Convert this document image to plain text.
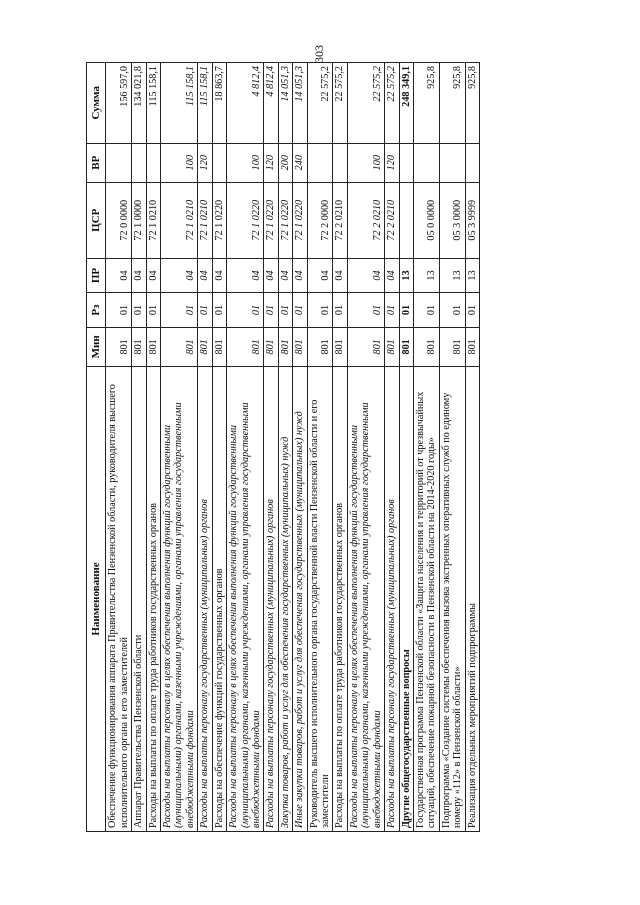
303
Наименование	Мин	Рз	ПР	ЦСР	ВР	Сумма
Обеспечение функционирования аппарата Правительства Пензенской области, руководителя высшего исполнительного органа и его заместителей	801	01	04	72 0 0000		156 597,0
Аппарат Правительства Пензенской области	801	01	04	72 1 0000		134 021,8
Расходы на выплаты по оплате труда работников государственных органов	801	01	04	72 1 0210		115 158,1
Расходы на выплаты персоналу в целях обеспечения выполнения функций государственными (муниципальными) органами, казенными учреждениями, органами управления государственными внебюджетными фондами	801	01	04	72 1 0210	100	115 158,1
Расходы на выплаты персоналу государственных (муниципальных) органов	801	01	04	72 1 0210	120	115 158,1
Расходы на обеспечение функций государственных органов	801	01	04	72 1 0220		18 863,7
Расходы на выплаты персоналу в целях обеспечения выполнения функций государственными (муниципальными) органами, казенными учреждениями, органами управления государственными внебюджетными фондами	801	01	04	72 1 0220	100	4 812,4
Расходы на выплаты персоналу государственных (муниципальных) органов	801	01	04	72 1 0220	120	4 812,4
Закупка товаров, работ и услуг для обеспечения государственных (муниципальных) нужд	801	01	04	72 1 0220	200	14 051,3
Иные закупки товаров, работ и услуг для обеспечения государственных (муниципальных) нужд	801	01	04	72 1 0220	240	14 051,3
Руководитель высшего исполнительного органа государственной власти Пензенской области и его заместители	801	01	04	72 2 0000		22 575,2
Расходы на выплаты по оплате труда работников государственных органов	801	01	04	72 2 0210		22 575,2
Расходы на выплаты персоналу в целях обеспечения выполнения функций государственными (муниципальными) органами, казенными учреждениями, органами управления государственными внебюджетными фондами	801	01	04	72 2 0210	100	22 575,2
Расходы на выплаты персоналу государственных (муниципальных) органов	801	01	04	72 2 0210	120	22 575,2
Другие общегосударственные вопросы	801	01	13			248 349,1
Государственная программа Пензенской области «Защита населения и территорий от чрезвычайных ситуаций, обеспечение пожарной безопасности в Пензенской области на 2014-2020 годы»	801	01	13	05 0 0000		925,8
Подпрограмма «Создание системы обеспечения вызова экстренных оперативных служб по единому номеру «112» в Пензенской области»	801	01	13	05 3 0000		925,8
Реализация отдельных мероприятий подпрограммы	801	01	13	05 3 9999		925,8
